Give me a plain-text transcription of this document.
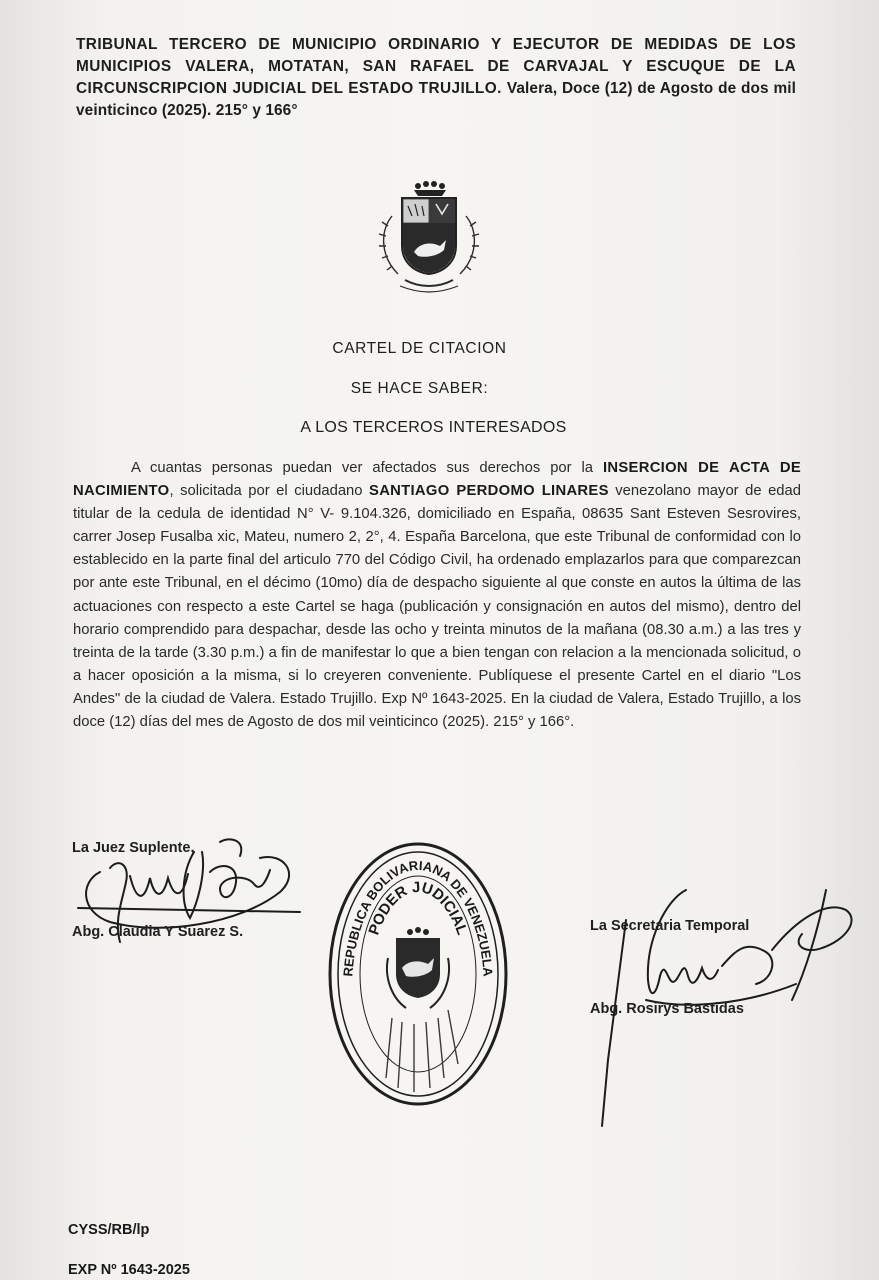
TRIBUNAL TERCERO DE MUNICIPIO ORDINARIO Y EJECUTOR DE MEDIDAS DE LOS MUNICIPIOS VALERA, MOTATAN, SAN RAFAEL DE CARVAJAL Y ESCUQUE DE LA CIRCUNSCRIPCION JUDICIAL DEL ESTADO TRUJILLO. Valera, Doce (12) de Agosto de dos mil veinticinco (2025). 215° y 166°
CARTEL DE CITACION
SE HACE SABER:
A LOS TERCEROS INTERESADOS

A cuantas personas puedan ver afectados sus derechos por la INSERCION DE ACTA DE NACIMIENTO, solicitada por el ciudadano SANTIAGO PERDOMO LINARES venezolano mayor de edad titular de la cedula de identidad N° V- 9.104.326, domiciliado en España, 08635 Sant Esteven Sesrovires, carrer Josep Fusalba xic, Mateu, numero 2, 2°, 4. España Barcelona, que este Tribunal de conformidad con lo establecido en la parte final del articulo 770 del Código Civil, ha ordenado emplazarlos para que comparezcan por ante este Tribunal, en el décimo (10mo) día de despacho siguiente al que conste en autos la última de las actuaciones con respecto a este Cartel se haga (publicación y consignación en autos del mismo), dentro del horario comprendido para despachar, desde las ocho y treinta minutos de la mañana (08.30 a.m.) a las tres y treinta de la tarde (3.30 p.m.) a fin de manifestar lo que a bien tengan con relacion a la mencionada solicitud, o a hacer oposición a la misma, si lo creyeren conveniente. Publíquese el presente Cartel en el diario "Los Andes" de la ciudad de Valera. Estado Trujillo. Exp Nº 1643-2025. En la ciudad de Valera, Estado Trujillo, a los doce (12) días del mes de Agosto de dos mil veinticinco (2025). 215° y 166°.

La Juez Suplente,
Abg. Claudia Y Suarez S.
REPUBLICA BOLIVARIANA DE VENEZUELA
PODER JUDICIAL	La Secretaria Temporal
Abg. Rosirys Bastidas
CYSS/RB/lp
EXP Nº 1643-2025
